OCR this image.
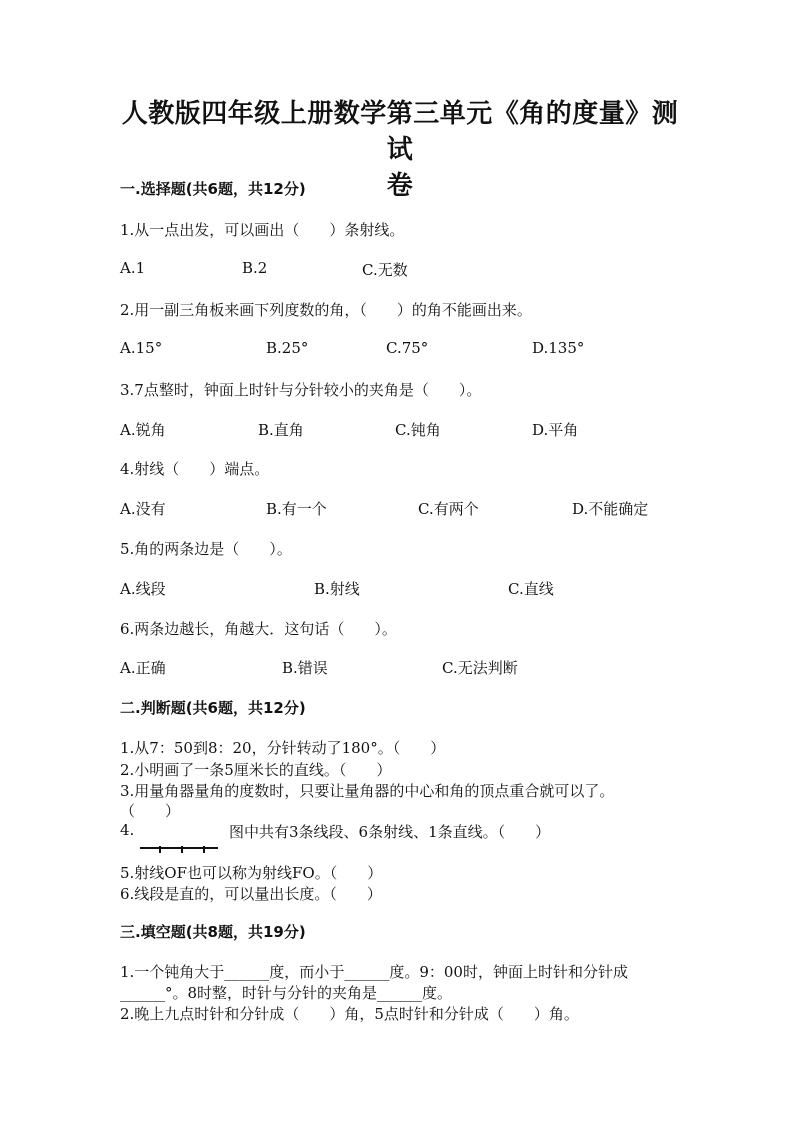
人教版四年级上册数学第三单元《角的度量》测试
卷
一.选择题(共6题，共12分)
1.从一点出发，可以画出（　　）条射线。
A.1	B.2	C.无数
2.用一副三角板来画下列度数的角，（　　）的角不能画出来。
A.15°	B.25°	C.75°	D.135°
3.7点整时，钟面上时针与分针较小的夹角是（　　）。
A.锐角	B.直角	C.钝角	D.平角
4.射线（　　）端点。
A.没有	B.有一个	C.有两个	D.不能确定
5.角的两条边是（　　）。
A.线段	B.射线	C.直线
6.两条边越长，角越大．这句话（　　）。
A.正确	B.错误	C.无法判断
二.判断题(共6题，共12分)
1.从7：50到8：20，分针转动了180°。（　　）
2.小明画了一条5厘米长的直线。（　　）
3.用量角器量角的度数时，只要让量角器的中心和角的顶点重合就可以了。
（　　）
4.	图中共有3条线段、6条射线、1条直线。（　　）
5.射线OF也可以称为射线FO。（　　）
6.线段是直的，可以量出长度。（　　）
三.填空题(共8题，共19分)
1.一个钝角大于______度，而小于______度。9：00时，钟面上时针和分针成
______°。8时整，时针与分针的夹角是______度。
2.晚上九点时针和分针成（　　）角，5点时针和分针成（　　）角。
